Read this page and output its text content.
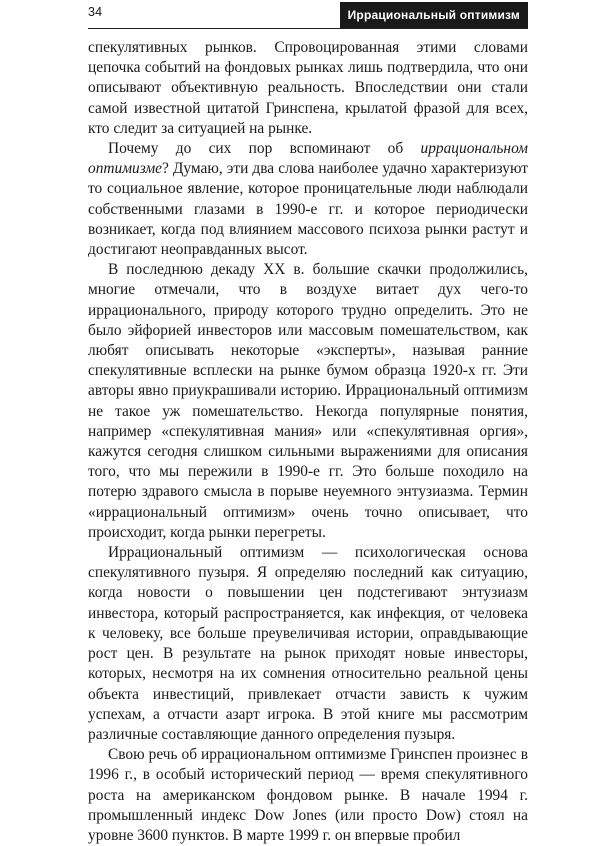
34	Иррациональный оптимизм

спекулятивных рынков. Спровоцированная этими словами цепочка событий на фондовых рынках лишь подтвердила, что они описывают объективную реальность. Впоследствии они стали самой известной цитатой Гринспена, крылатой фразой для всех, кто следит за ситуацией на рынке.

Почему до сих пор вспоминают об иррациональном оптимизме? Думаю, эти два слова наиболее удачно характеризуют то социальное явление, которое проницательные люди наблюдали собственными глазами в 1990-е гг. и которое периодически возникает, когда под влиянием массового психоза рынки растут и достигают неоправданных высот.

В последнюю декаду XX в. большие скачки продолжились, многие отмечали, что в воздухе витает дух чего-то иррационального, природу которого трудно определить. Это не было эйфорией инвесторов или массовым помешательством, как любят описывать некоторые «эксперты», называя ранние спекулятивные всплески на рынке бумом образца 1920-х гг. Эти авторы явно приукрашивали историю. Иррациональный оптимизм не такое уж помешательство. Некогда популярные понятия, например «спекулятивная мания» или «спекулятивная оргия», кажутся сегодня слишком сильными выражениями для описания того, что мы пережили в 1990-е гг. Это больше походило на потерю здравого смысла в порыве неуемного энтузиазма. Термин «иррациональный оптимизм» очень точно описывает, что происходит, когда рынки перегреты.

Иррациональный оптимизм — психологическая основа спекулятивного пузыря. Я определяю последний как ситуацию, когда новости о повышении цен подстегивают энтузиазм инвестора, который распространяется, как инфекция, от человека к человеку, все больше преувеличивая истории, оправдывающие рост цен. В результате на рынок приходят новые инвесторы, которых, несмотря на их сомнения относительно реальной цены объекта инвестиций, привлекает отчасти зависть к чужим успехам, а отчасти азарт игрока. В этой книге мы рассмотрим различные составляющие данного определения пузыря.

Свою речь об иррациональном оптимизме Гринспен произнес в 1996 г., в особый исторический период — время спекулятивного роста на американском фондовом рынке. В начале 1994 г. промышленный индекс Dow Jones (или просто Dow) стоял на уровне 3600 пунктов. В марте 1999 г. он впервые пробил
